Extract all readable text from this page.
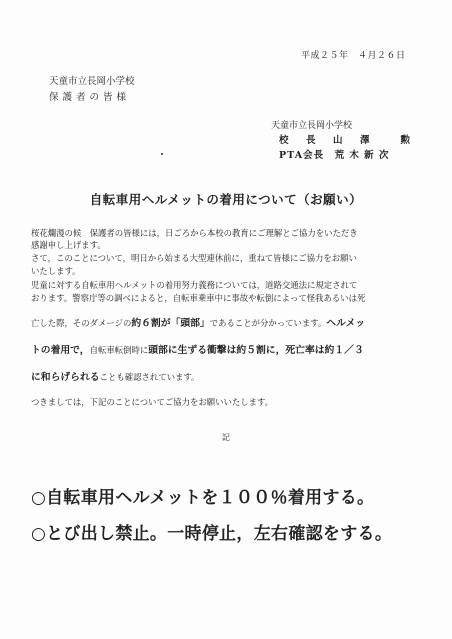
平成２５年　４月２６日
天童市立長岡小学校
保護者の皆様
天童市立長岡小学校
校　長　山　澤　　勲
PTA会長　荒 木 新 次
自転車用ヘルメットの着用について（お願い）
桜花爛漫の候　保護者の皆様には，日ごろから本校の教育にご理解とご協力をいただき
感謝申し上げます。
さて，このことについて，明日から始まる大型連休前に，重ねて皆様にご協力をお願い
いたします。
児童に対する自転車用ヘルメットの着用努力義務については，道路交通法に規定されて
おります。警察庁等の調べによると，自転車乗車中に事故や転倒によって怪我あるいは死
亡した際，そのダメージの約６割が「頭部」であることが分かっています。ヘルメッ
トの着用で，自転車転倒時に頭部に生ずる衝撃は約５割に，死亡率は約１／３
に和らげられることも確認されています。
つきましては，下記のことについてご協力をお願いいたします。
記
○自転車用ヘルメットを１００％着用する。
○とび出し禁止。一時停止，左右確認をする。
